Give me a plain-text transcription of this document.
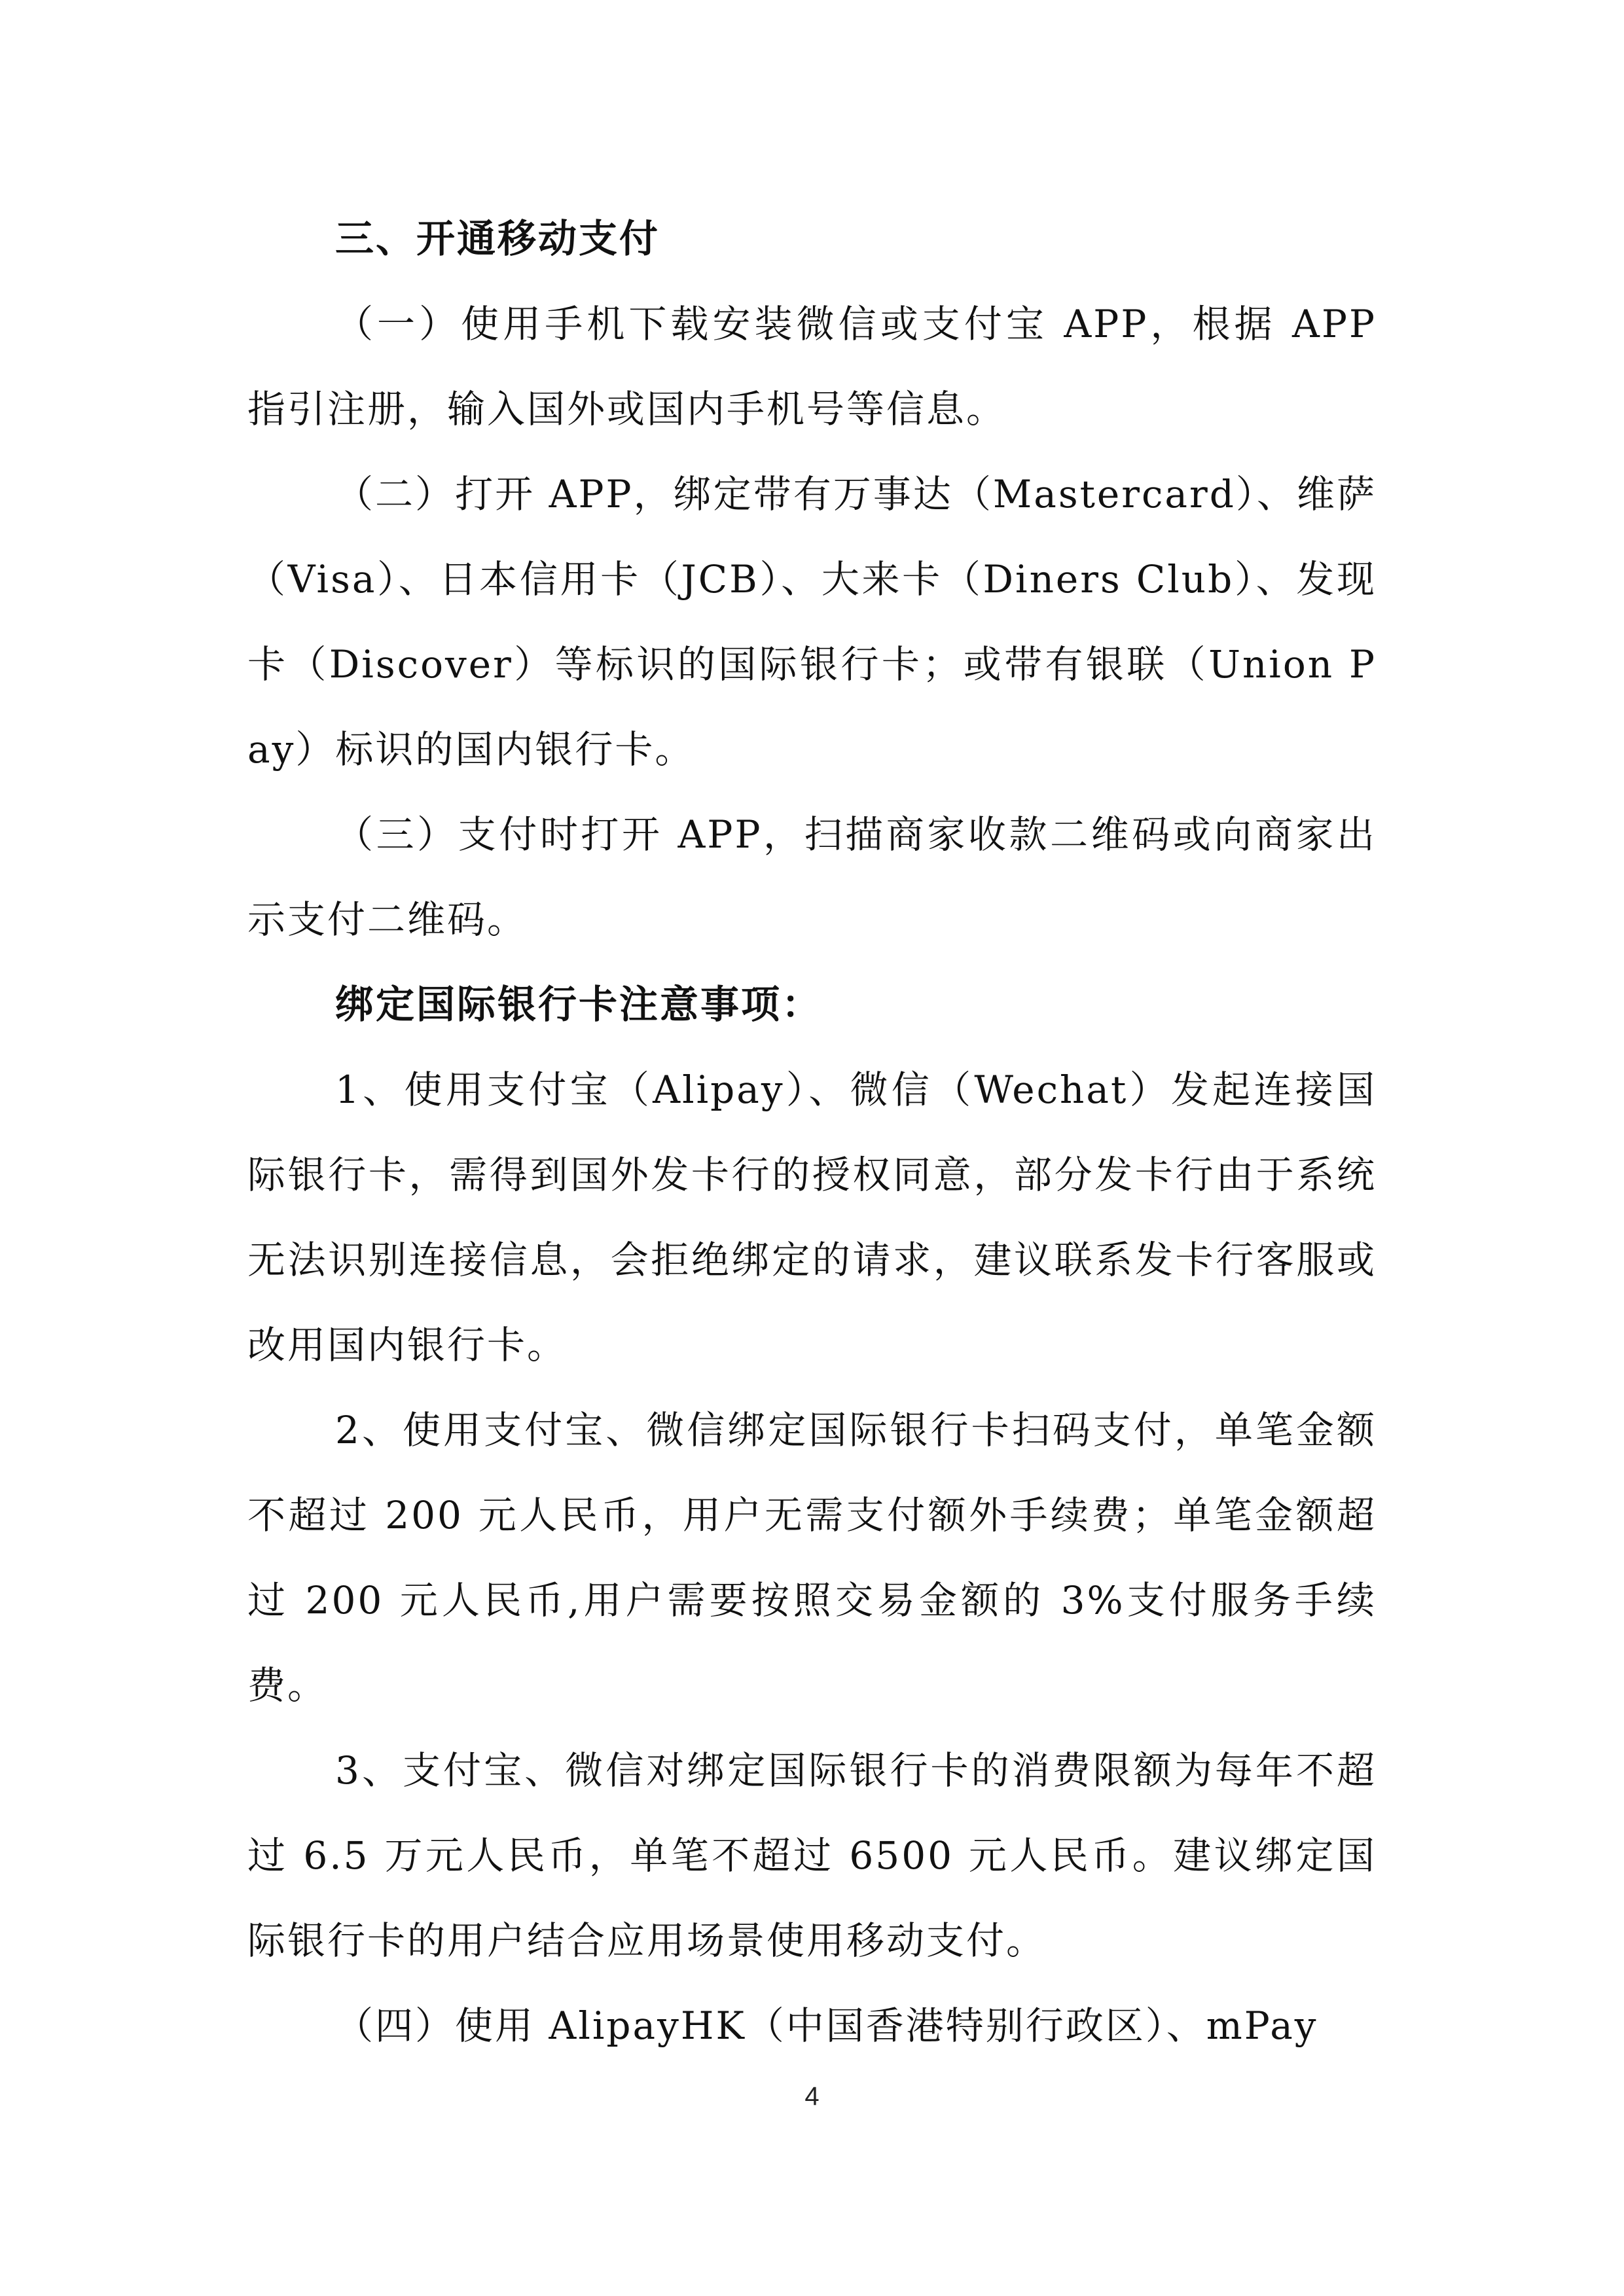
三、开通移动支付

（一）使用手机下载安装微信或支付宝 APP，根据 APP 指引注册，输入国外或国内手机号等信息。

（二）打开 APP，绑定带有万事达（Mastercard）、维萨（Visa）、日本信用卡（JCB）、大来卡（Diners Club）、发现卡（Discover）等标识的国际银行卡；或带有银联（Union Pay）标识的国内银行卡。

（三）支付时打开 APP，扫描商家收款二维码或向商家出示支付二维码。

绑定国际银行卡注意事项：

1、使用支付宝（Alipay）、微信（Wechat）发起连接国际银行卡，需得到国外发卡行的授权同意，部分发卡行由于系统无法识别连接信息，会拒绝绑定的请求，建议联系发卡行客服或改用国内银行卡。

2、使用支付宝、微信绑定国际银行卡扫码支付，单笔金额不超过 200 元人民币，用户无需支付额外手续费；单笔金额超过 200 元人民币,用户需要按照交易金额的 3%支付服务手续费。

3、支付宝、微信对绑定国际银行卡的消费限额为每年不超过 6.5 万元人民币，单笔不超过 6500 元人民币。建议绑定国际银行卡的用户结合应用场景使用移动支付。

（四）使用 AlipayHK（中国香港特别行政区）、mPay

4
